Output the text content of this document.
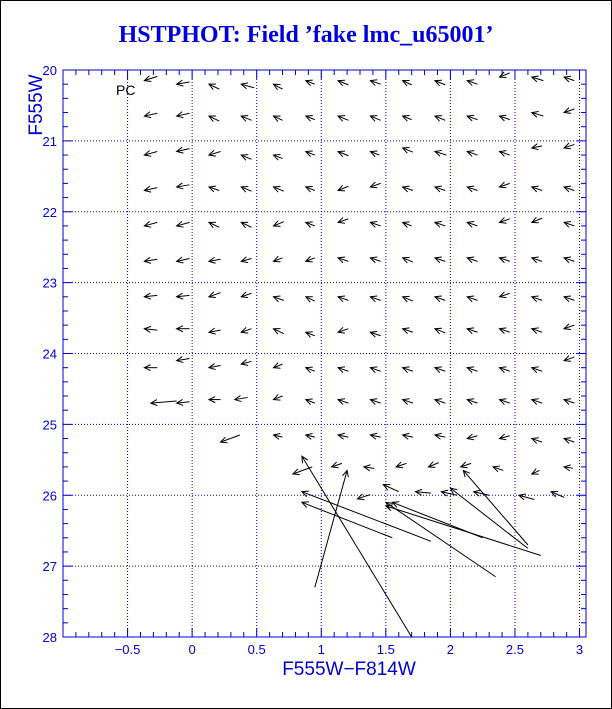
HSTPHOT: Field ’fake lmc_u65001’
−0.5	0	0.5	1	1.5	2	2.5	3
20
21
22
23
24
25
26
27
28
PC
F555W−F814W
F555W
